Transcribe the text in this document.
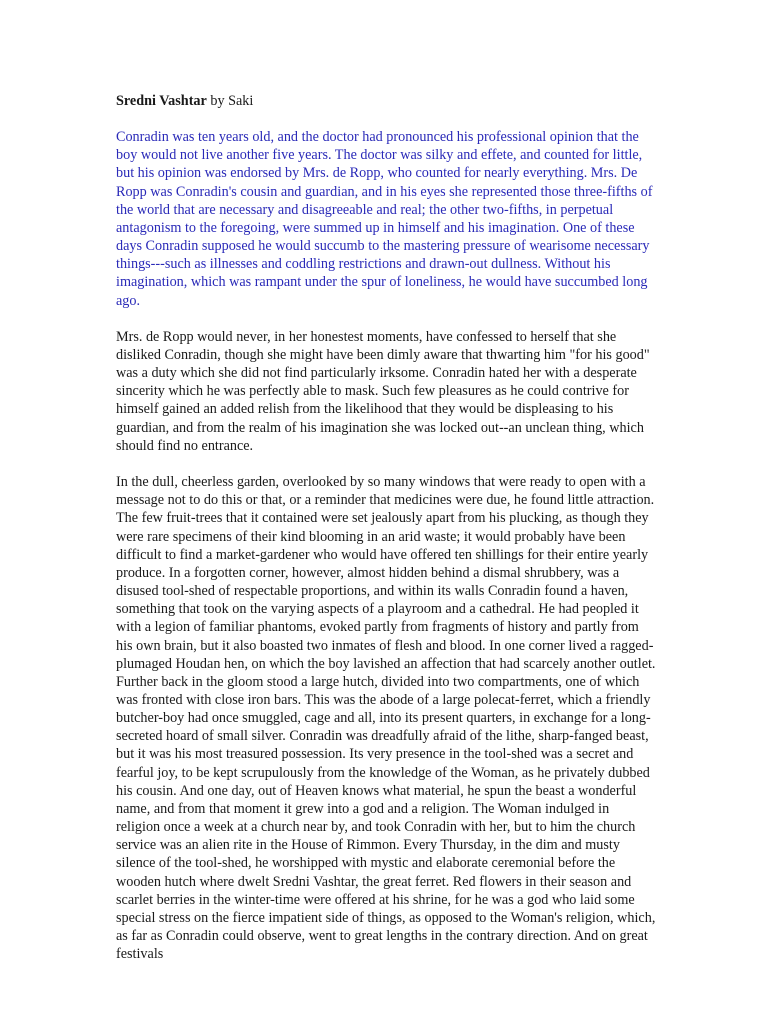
Sredni Vashtar by Saki

Conradin was ten years old, and the doctor had pronounced his professional opinion that the boy would not live another five years. The doctor was silky and effete, and counted for little, but his opinion was endorsed by Mrs. de Ropp, who counted for nearly everything. Mrs. De Ropp was Conradin's cousin and guardian, and in his eyes she represented those three-fifths of the world that are necessary and disagreeable and real; the other two-fifths, in perpetual antagonism to the foregoing, were summed up in himself and his imagination. One of these days Conradin supposed he would succumb to the mastering pressure of wearisome necessary things---such as illnesses and coddling restrictions and drawn-out dullness. Without his imagination, which was rampant under the spur of loneliness, he would have succumbed long ago.

Mrs. de Ropp would never, in her honestest moments, have confessed to herself that she disliked Conradin, though she might have been dimly aware that thwarting him "for his good" was a duty which she did not find particularly irksome. Conradin hated her with a desperate sincerity which he was perfectly able to mask. Such few pleasures as he could contrive for himself gained an added relish from the likelihood that they would be displeasing to his guardian, and from the realm of his imagination she was locked out--an unclean thing, which should find no entrance.

In the dull, cheerless garden, overlooked by so many windows that were ready to open with a message not to do this or that, or a reminder that medicines were due, he found little attraction. The few fruit-trees that it contained were set jealously apart from his plucking, as though they were rare specimens of their kind blooming in an arid waste; it would probably have been difficult to find a market-gardener who would have offered ten shillings for their entire yearly produce. In a forgotten corner, however, almost hidden behind a dismal shrubbery, was a disused tool-shed of respectable proportions, and within its walls Conradin found a haven, something that took on the varying aspects of a playroom and a cathedral. He had peopled it with a legion of familiar phantoms, evoked partly from fragments of history and partly from his own brain, but it also boasted two inmates of flesh and blood. In one corner lived a ragged-plumaged Houdan hen, on which the boy lavished an affection that had scarcely another outlet. Further back in the gloom stood a large hutch, divided into two compartments, one of which was fronted with close iron bars. This was the abode of a large polecat-ferret, which a friendly butcher-boy had once smuggled, cage and all, into its present quarters, in exchange for a long-secreted hoard of small silver. Conradin was dreadfully afraid of the lithe, sharp-fanged beast, but it was his most treasured possession. Its very presence in the tool-shed was a secret and fearful joy, to be kept scrupulously from the knowledge of the Woman, as he privately dubbed his cousin. And one day, out of Heaven knows what material, he spun the beast a wonderful name, and from that moment it grew into a god and a religion. The Woman indulged in religion once a week at a church near by, and took Conradin with her, but to him the church service was an alien rite in the House of Rimmon. Every Thursday, in the dim and musty silence of the tool-shed, he worshipped with mystic and elaborate ceremonial before the wooden hutch where dwelt Sredni Vashtar, the great ferret. Red flowers in their season and scarlet berries in the winter-time were offered at his shrine, for he was a god who laid some special stress on the fierce impatient side of things, as opposed to the Woman's religion, which, as far as Conradin could observe, went to great lengths in the contrary direction. And on great festivals
